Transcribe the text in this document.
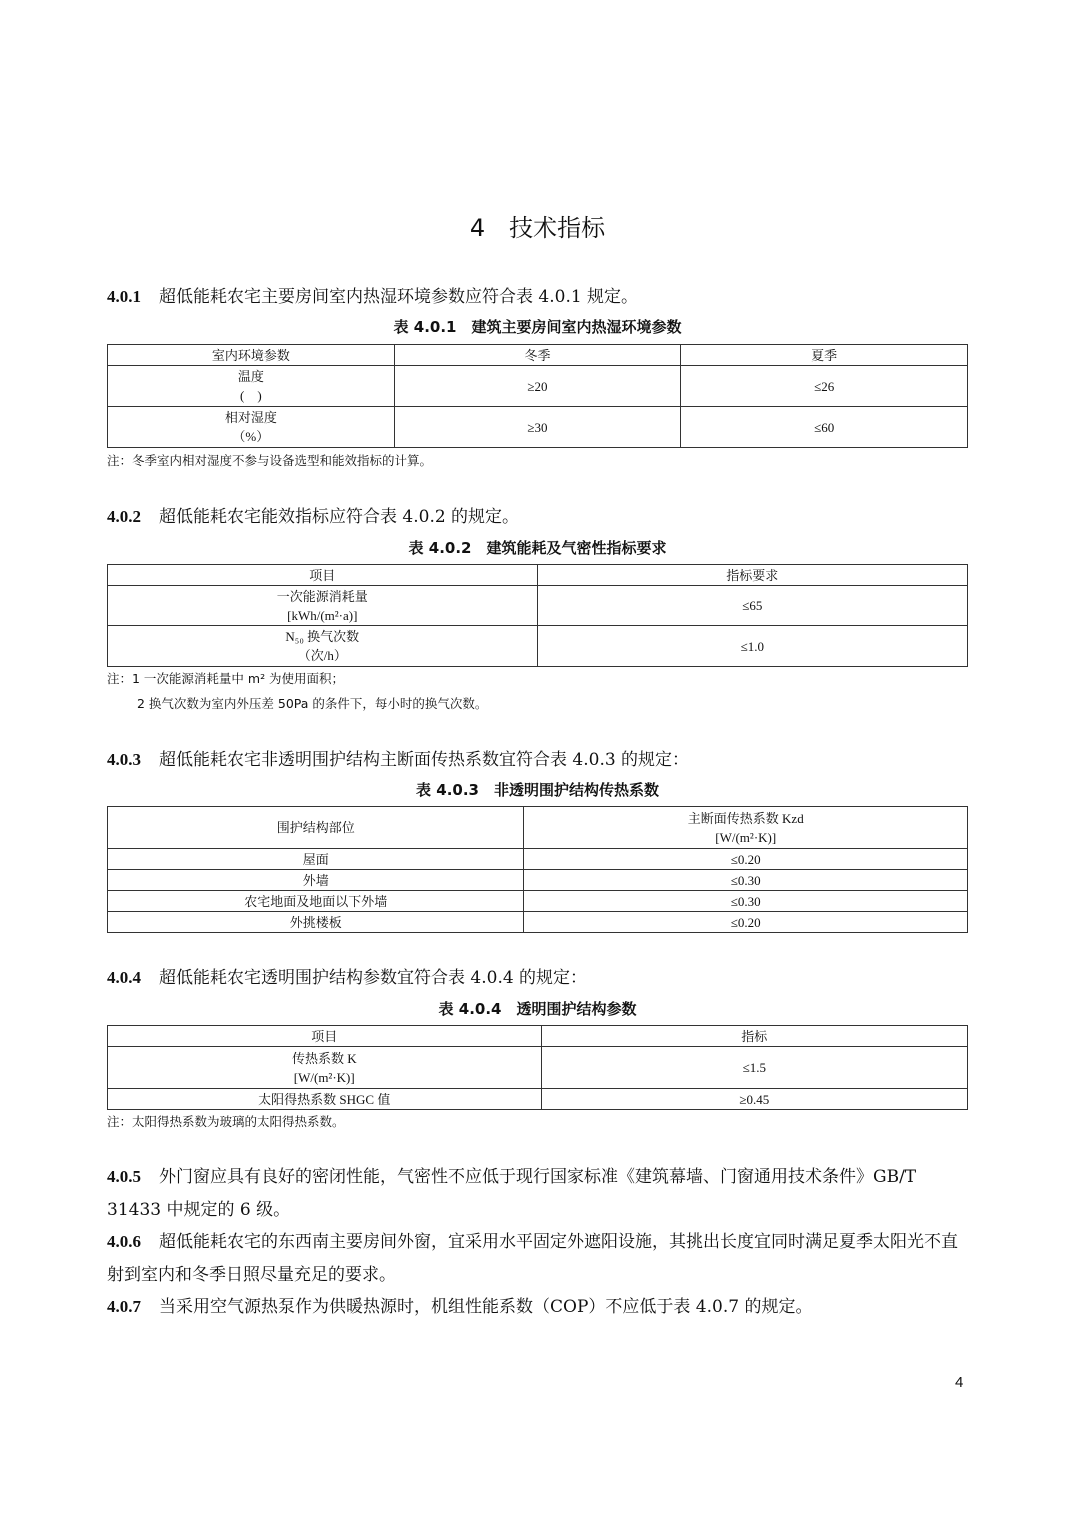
4　技术指标
4.0.1 超低能耗农宅主要房间室内热湿环境参数应符合表 4.0.1 规定。
表 4.0.1　建筑主要房间室内热湿环境参数
室内环境参数	冬季	夏季

温度
(　)	≥20	≤26

相对湿度
（%）	≥30	≤60
注：冬季室内相对湿度不参与设备选型和能效指标的计算。
4.0.2 超低能耗农宅能效指标应符合表 4.0.2 的规定。
表 4.0.2　建筑能耗及气密性指标要求
项目	指标要求

一次能源消耗量
[kWh/(m²·a)]	≤65

N₅₀ 换气次数
（次/h）	≤1.0
注：1 一次能源消耗量中 m² 为使用面积；
2 换气次数为室内外压差 50Pa 的条件下，每小时的换气次数。
4.0.3 超低能耗农宅非透明围护结构主断面传热系数宜符合表 4.0.3 的规定：
表 4.0.3　非透明围护结构传热系数
围护结构部位	主断面传热系数 Kzd
[W/(m²·K)]

屋面	≤0.20
外墙	≤0.30
农宅地面及地面以下外墙	≤0.30
外挑楼板	≤0.20
4.0.4 超低能耗农宅透明围护结构参数宜符合表 4.0.4 的规定：
表 4.0.4　透明围护结构参数
项目	指标

传热系数 K
[W/(m²·K)]	≤1.5
太阳得热系数 SHGC 值	≥0.45
注：太阳得热系数为玻璃的太阳得热系数。
4.0.5 外门窗应具有良好的密闭性能，气密性不应低于现行国家标准《建筑幕墙、门窗通用技术条件》GB/T 31433 中规定的 6 级。
4.0.6 超低能耗农宅的东西南主要房间外窗，宜采用水平固定外遮阳设施，其挑出长度宜同时满足夏季太阳光不直射到室内和冬季日照尽量充足的要求。
4.0.7 当采用空气源热泵作为供暖热源时，机组性能系数（COP）不应低于表 4.0.7 的规定。
4
